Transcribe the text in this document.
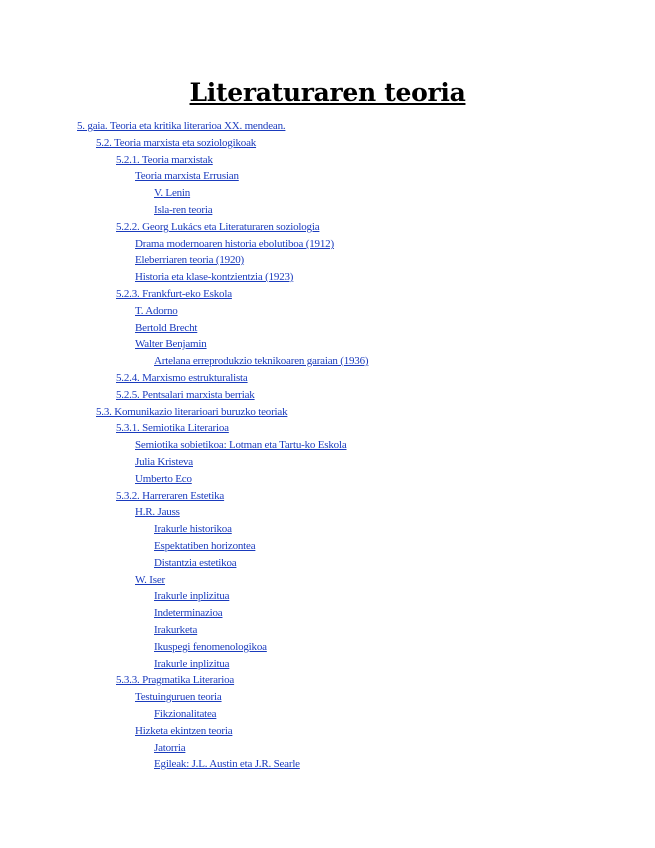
Literaturaren teoria
5. gaia. Teoria eta kritika literarioa XX. mendean.
5.2. Teoria marxista eta soziologikoak
5.2.1. Teoria marxistak
Teoria marxista Errusian
V. Lenin
Isla-ren teoria
5.2.2. Georg Lukács eta Literaturaren soziologia
Drama modernoaren historia ebolutiboa (1912)
Eleberriaren teoria (1920)
Historia eta klase-kontzientzia (1923)
5.2.3. Frankfurt-eko Eskola
T. Adorno
Bertold Brecht
Walter Benjamin
Artelana erreprodukzio teknikoaren garaian (1936)
5.2.4. Marxismo estrukturalista
5.2.5. Pentsalari marxista berriak
5.3. Komunikazio literarioari buruzko teoriak
5.3.1. Semiotika Literarioa
Semiotika sobietikoa: Lotman eta Tartu-ko Eskola
Julia Kristeva
Umberto Eco
5.3.2. Harreraren Estetika
H.R. Jauss
Irakurle historikoa
Espektatiben horizontea
Distantzia estetikoa
W. Iser
Irakurle inplizitua
Indeterminazioa
Irakurketa
Ikuspegi fenomenologikoa
Irakurle inplizitua
5.3.3. Pragmatika Literarioa
Testuinguruen teoria
Fikzionalitatea
Hizketa ekintzen teoria
Jatorria
Egileak: J.L. Austin eta J.R. Searle
